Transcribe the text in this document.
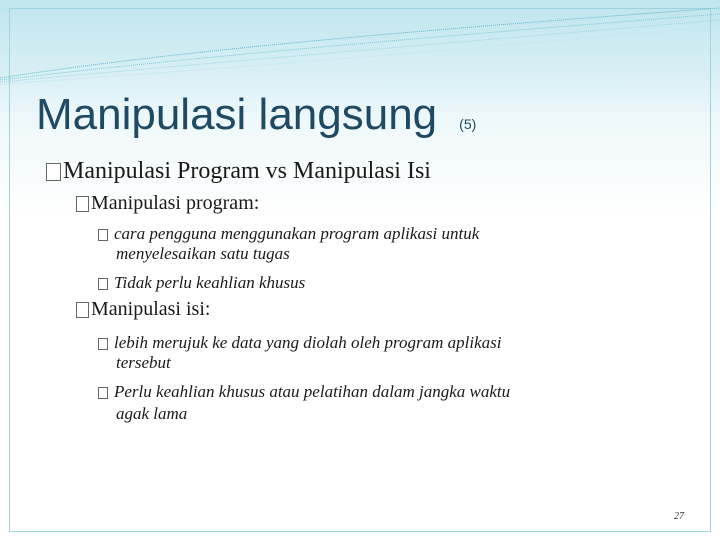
Manipulasi langsung (5)
Manipulasi Program vs Manipulasi Isi
Manipulasi program:
cara pengguna menggunakan program aplikasi untuk
menyelesaikan satu tugas
Tidak perlu keahlian khusus
Manipulasi isi:
lebih merujuk ke data yang diolah oleh program aplikasi
tersebut
Perlu keahlian khusus atau pelatihan dalam jangka waktu
agak lama
27
